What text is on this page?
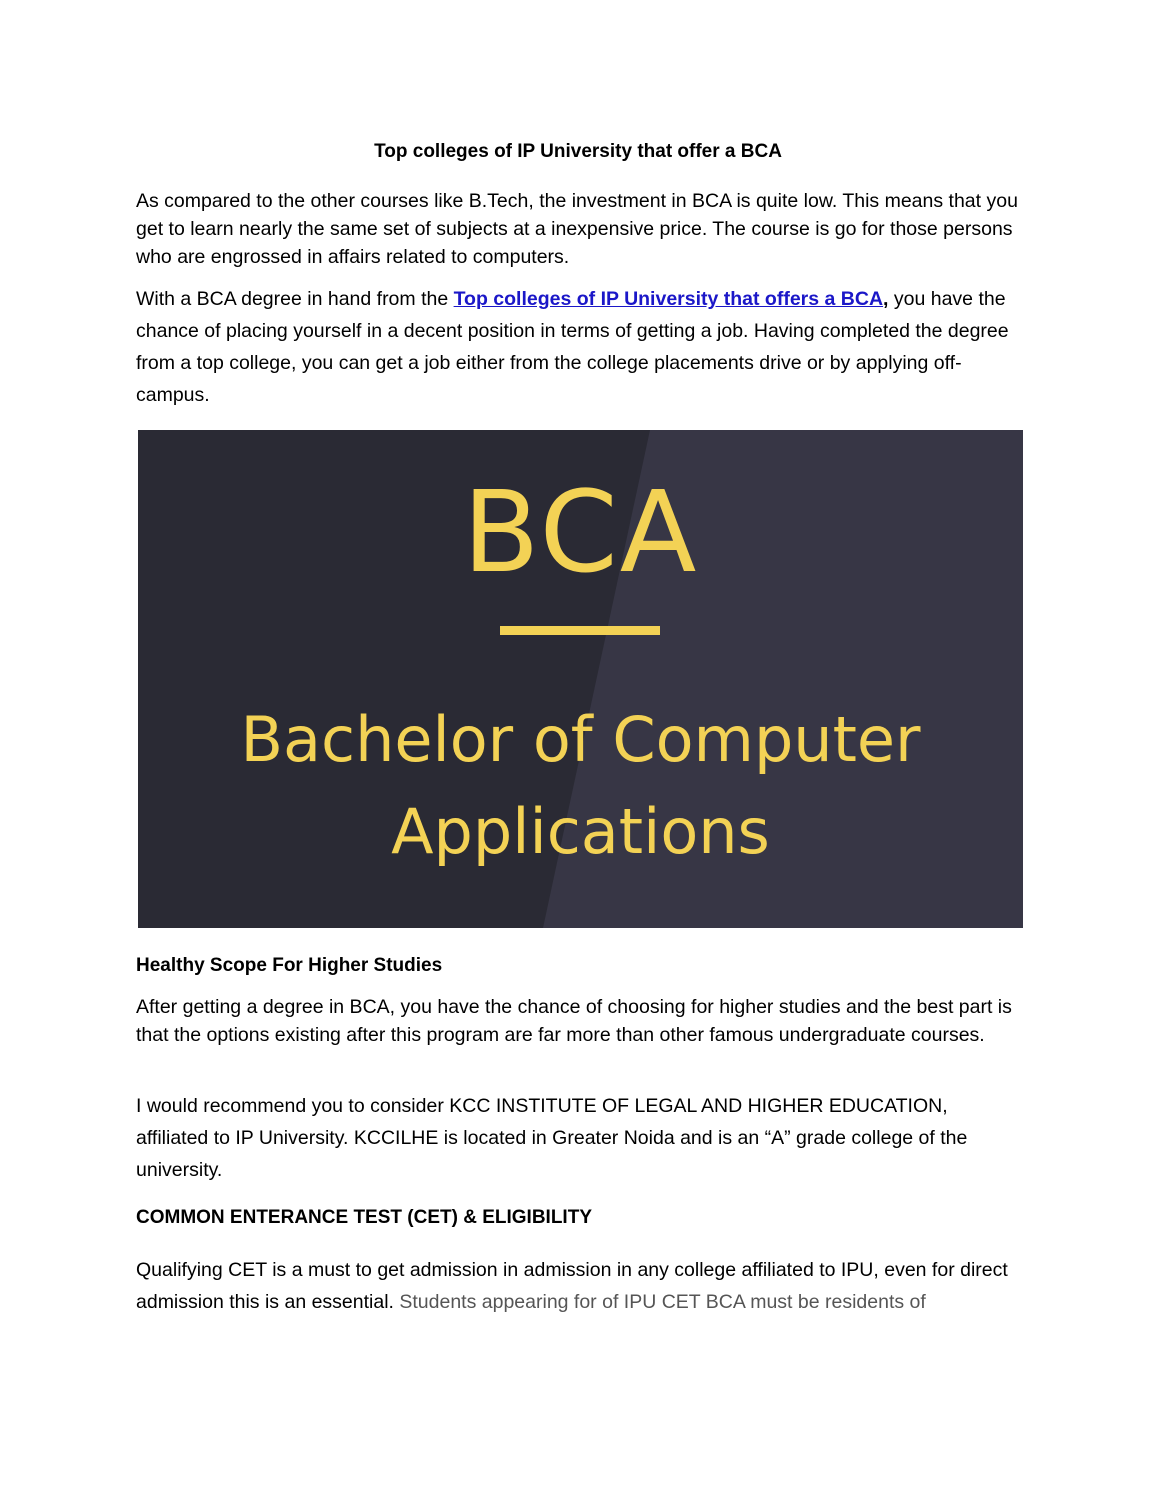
Top colleges of IP University that offer a BCA

As compared to the other courses like B.Tech, the investment in BCA is quite low. This means that you get to learn nearly the same set of subjects at a inexpensive price. The course is go for those persons who are engrossed in affairs related to computers.

With a BCA degree in hand from the Top colleges of IP University that offers a BCA, you have the chance of placing yourself in a decent position in terms of getting a job. Having completed the degree from a top college, you can get a job either from the college placements drive or by applying off-campus.

BCA
Bachelor of Computer
Applications
Healthy Scope For Higher Studies

After getting a degree in BCA, you have the chance of choosing for higher studies and the best part is that the options existing after this program are far more than other famous undergraduate courses.

I would recommend you to consider KCC INSTITUTE OF LEGAL AND HIGHER EDUCATION, affiliated to IP University. KCCILHE is located in Greater Noida and is an “A” grade college of the university.

COMMON ENTERANCE TEST (CET) & ELIGIBILITY

Qualifying CET is a must to get admission in admission in any college affiliated to IPU, even for direct admission this is an essential. Students appearing for of IPU CET BCA must be residents of
